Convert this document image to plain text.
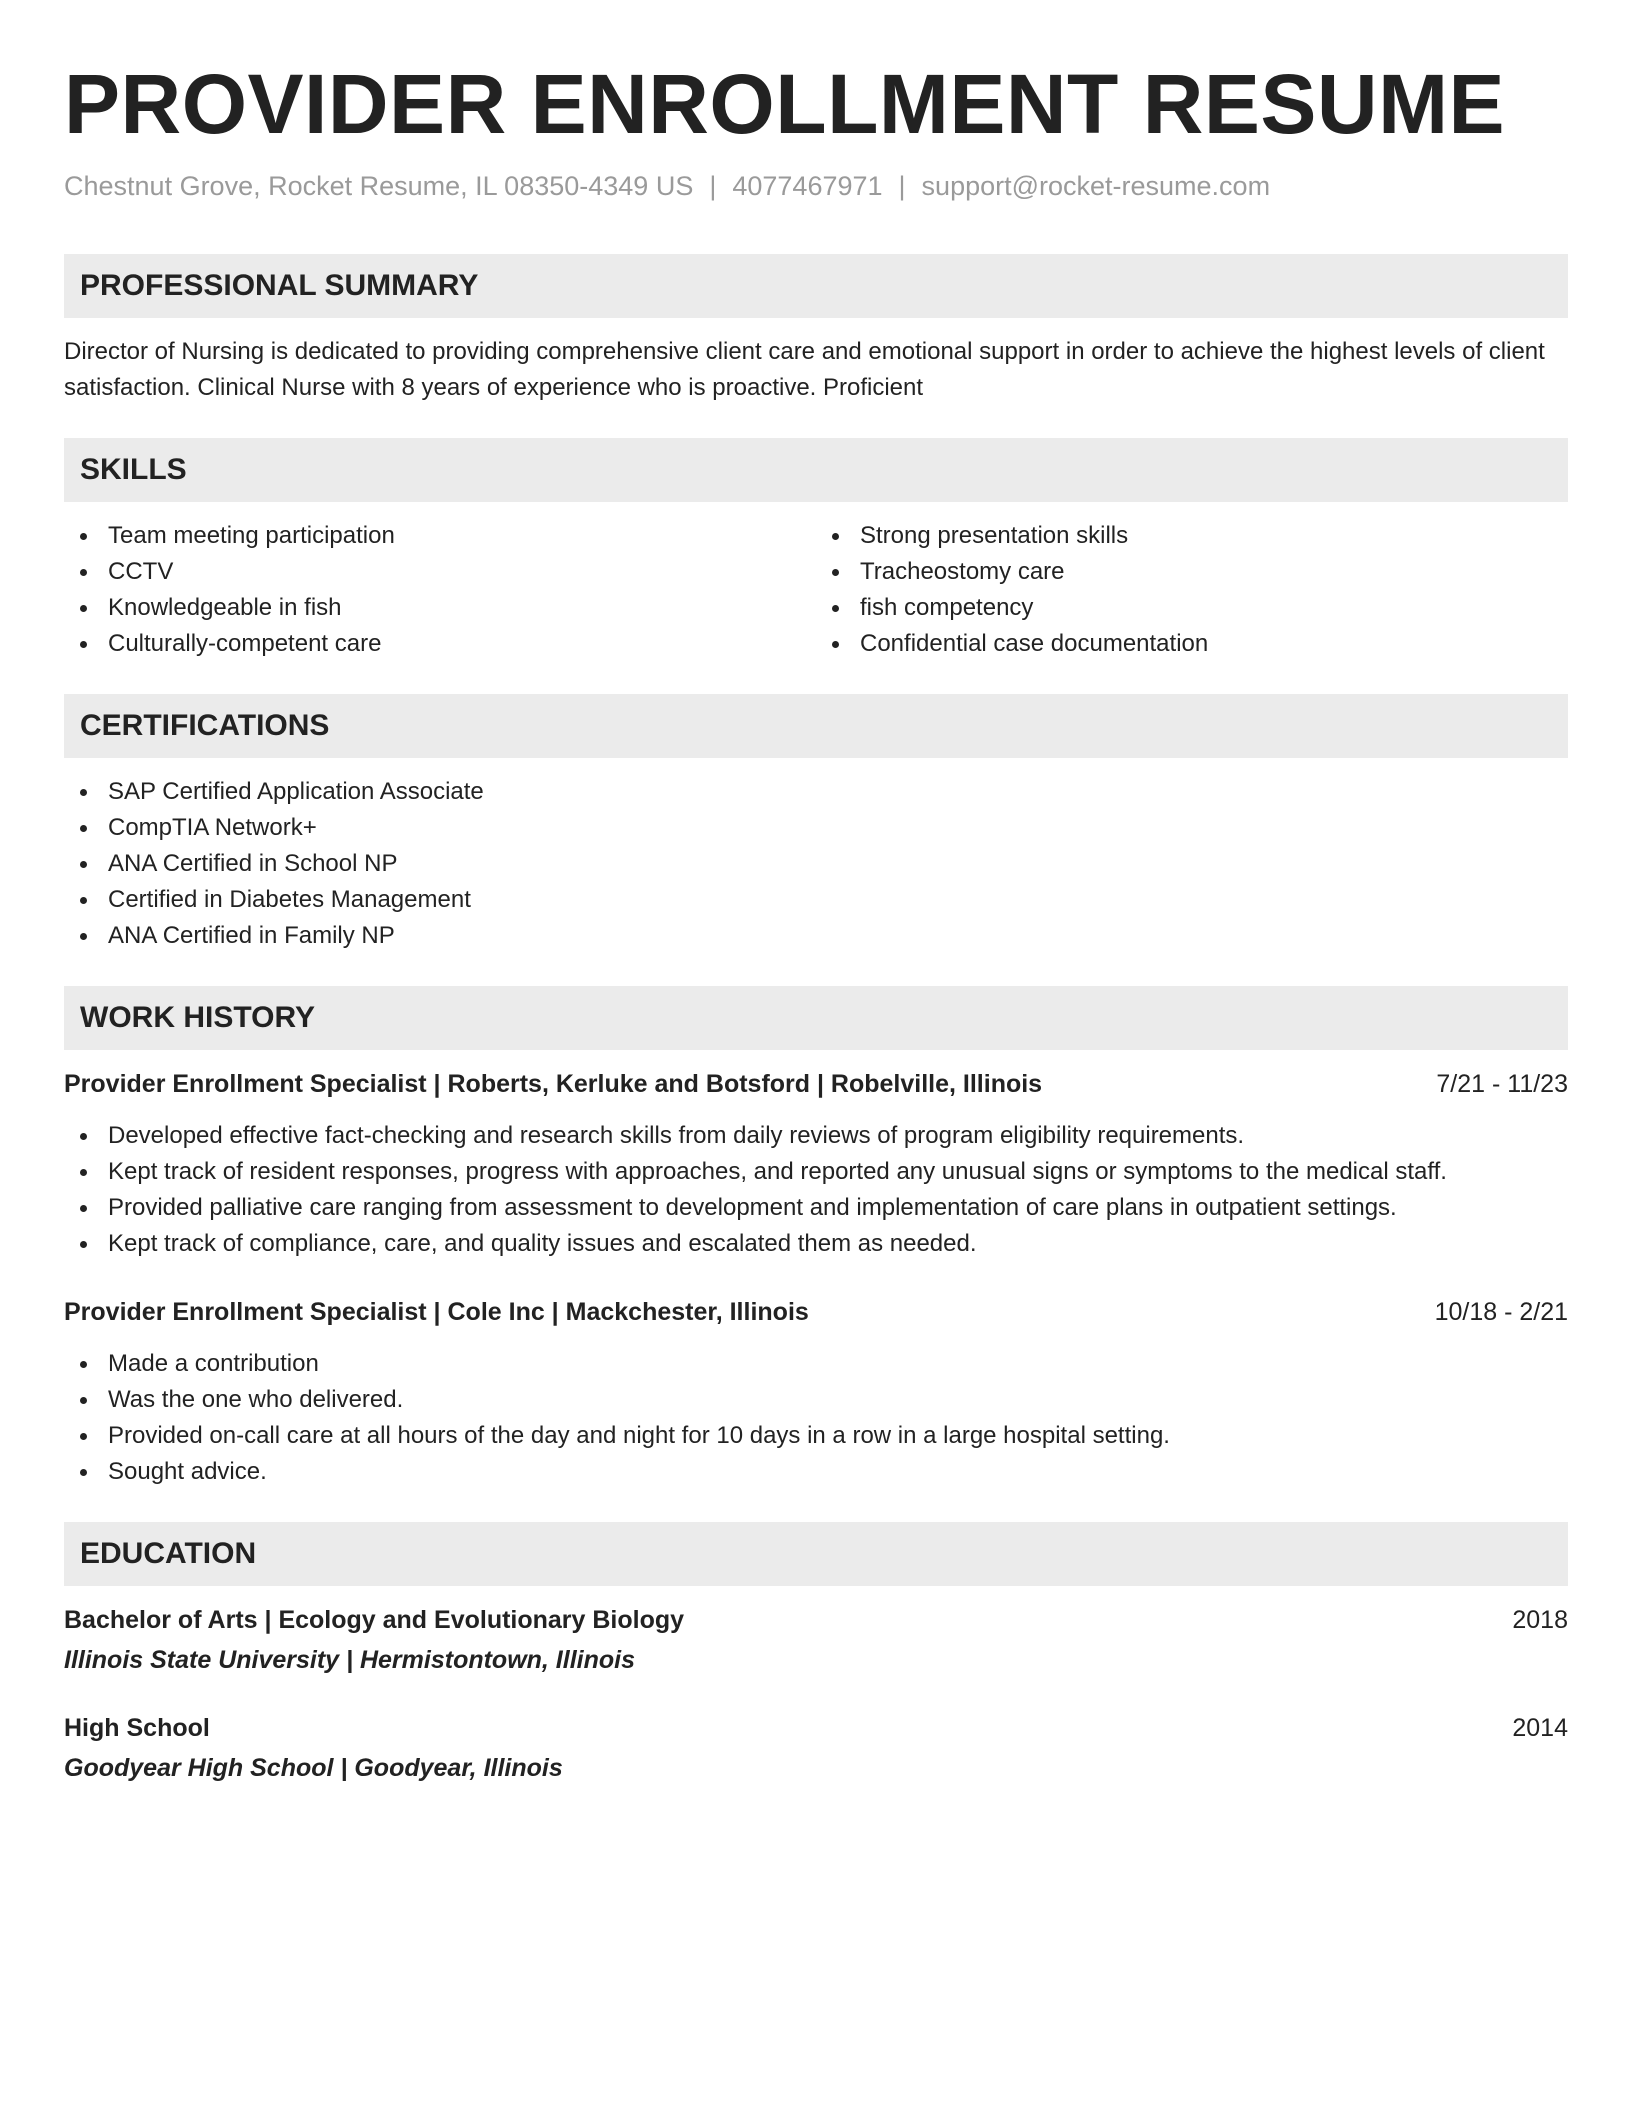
PROVIDER ENROLLMENT RESUME
Chestnut Grove, Rocket Resume, IL 08350-4349 US | 4077467971 | support@rocket-resume.com
PROFESSIONAL SUMMARY
Director of Nursing is dedicated to providing comprehensive client care and emotional support in order to achieve the highest levels of client satisfaction. Clinical Nurse with 8 years of experience who is proactive. Proficient
SKILLS
Team meeting participation
CCTV
Knowledgeable in fish
Culturally-competent care
Strong presentation skills
Tracheostomy care
fish competency
Confidential case documentation
CERTIFICATIONS
SAP Certified Application Associate
CompTIA Network+
ANA Certified in School NP
Certified in Diabetes Management
ANA Certified in Family NP
WORK HISTORY
Provider Enrollment Specialist | Roberts, Kerluke and Botsford | Robelville, Illinois	7/21 - 11/23
Developed effective fact-checking and research skills from daily reviews of program eligibility requirements.
Kept track of resident responses, progress with approaches, and reported any unusual signs or symptoms to the medical staff.
Provided palliative care ranging from assessment to development and implementation of care plans in outpatient settings.
Kept track of compliance, care, and quality issues and escalated them as needed.
Provider Enrollment Specialist | Cole Inc | Mackchester, Illinois	10/18 - 2/21
Made a contribution
Was the one who delivered.
Provided on-call care at all hours of the day and night for 10 days in a row in a large hospital setting.
Sought advice.
EDUCATION
Bachelor of Arts | Ecology and Evolutionary Biology	2018
Illinois State University | Hermistontown, Illinois
High School	2014
Goodyear High School | Goodyear, Illinois
